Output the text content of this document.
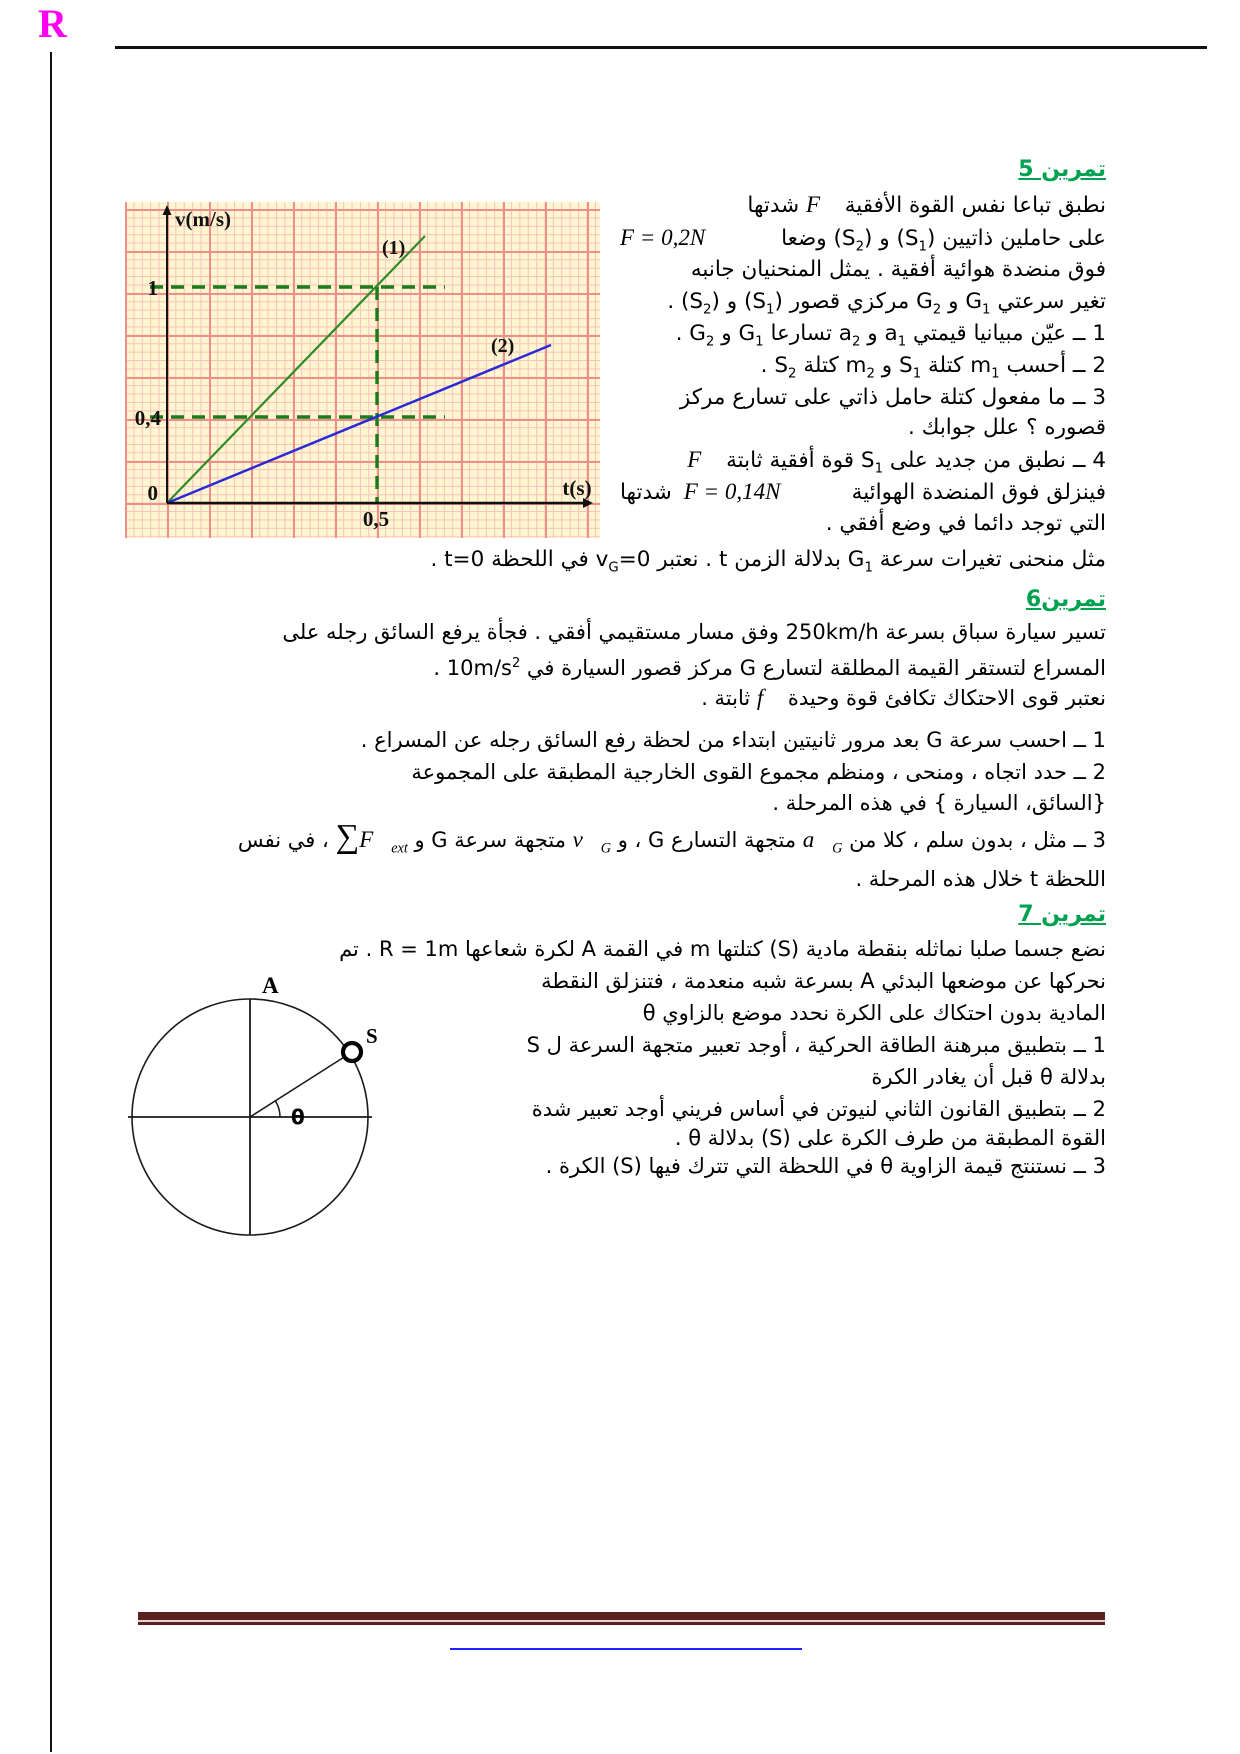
R
تمرين 5
نطبق تباعا نفس القوة الأفقية F⃗ شدتها
F = 0,2N	على حاملين ذاتيين $(S_1)$ و $(S_2)$ وضعا
فوق منضدة هوائية أفقية . يمثل المنحنيان جانبه
تغير سرعتي $G_1$ و $G_2$ مركزي قصور $(S_1)$ و $(S_2)$ .
1 ــ عيّن مبيانيا قيمتي $a_1$ و $a_2$ تسارعا $G_1$ و $G_2$ .
2 ــ أحسب $m_1$ كتلة $S_1$ و $m_2$ كتلة $S_2$ .
3 ــ ما مفعول كتلة حامل ذاتي على تسارع مركز
قصوره ؟ علل جوابك .
4 ــ نطبق من جديد على $S_1$ قوة أفقية ثابتة F⃗
شدتها F = 0,14N	فينزلق فوق المنضدة الهوائية
التي توجد دائما في وضع أفقي .
مثل منحنى تغيرات سرعة $G_1$ بدلالة الزمن t . نعتبر $v_G=0$ في اللحظة t=0 .
v(m/s)
t(s)
1
0,4
0
0,5
(1)
(2)
تمرين6
تسير سيارة سباق بسرعة 250km/h وفق مسار مستقيمي أفقي . فجأة يرفع السائق رجله على
المسراع لتستقر القيمة المطلقة لتسارع G مركز قصور السيارة في $10m/s^2$ .
نعتبر قوى الاحتكاك تكافئ قوة وحيدة f⃗ ثابتة .
1 ــ احسب سرعة G بعد مرور ثانيتين ابتداء من لحظة رفع السائق رجله عن المسراع .
2 ــ حدد اتجاه ، ومنحى ، ومنظم مجموع القوى الخارجية المطبقة على المجموعة
{السائق، السيارة } في هذه المرحلة .
3 ــ مثل ، بدون سلم ، كلا من $a⃗_G$ متجهة التسارع G ، و $v⃗_G$ متجهة سرعة G و $\sum F⃗_{ext}$ ، في نفس
اللحظة t خلال هذه المرحلة .
تمرين 7
نضع جسما صلبا نماثله بنقطة مادية (S) كتلتها m في القمة A لكرة شعاعها R = 1m . تم
نحركها عن موضعها البدئي A بسرعة شبه منعدمة ، فتنزلق النقطة
المادية بدون احتكاك على الكرة نحدد موضع بالزاوي θ
1 ــ بتطبيق مبرهنة الطاقة الحركية ، أوجد تعبير متجهة السرعة ل S
بدلالة θ قبل أن يغادر الكرة
2 ــ بتطبيق القانون الثاني لنيوتن في أساس فريني أوجد تعبير شدة
القوة المطبقة من طرف الكرة على (S) بدلالة θ .
3 ــ نستنتج قيمة الزاوية θ في اللحظة التي تترك فيها (S) الكرة .
A
S
θ
